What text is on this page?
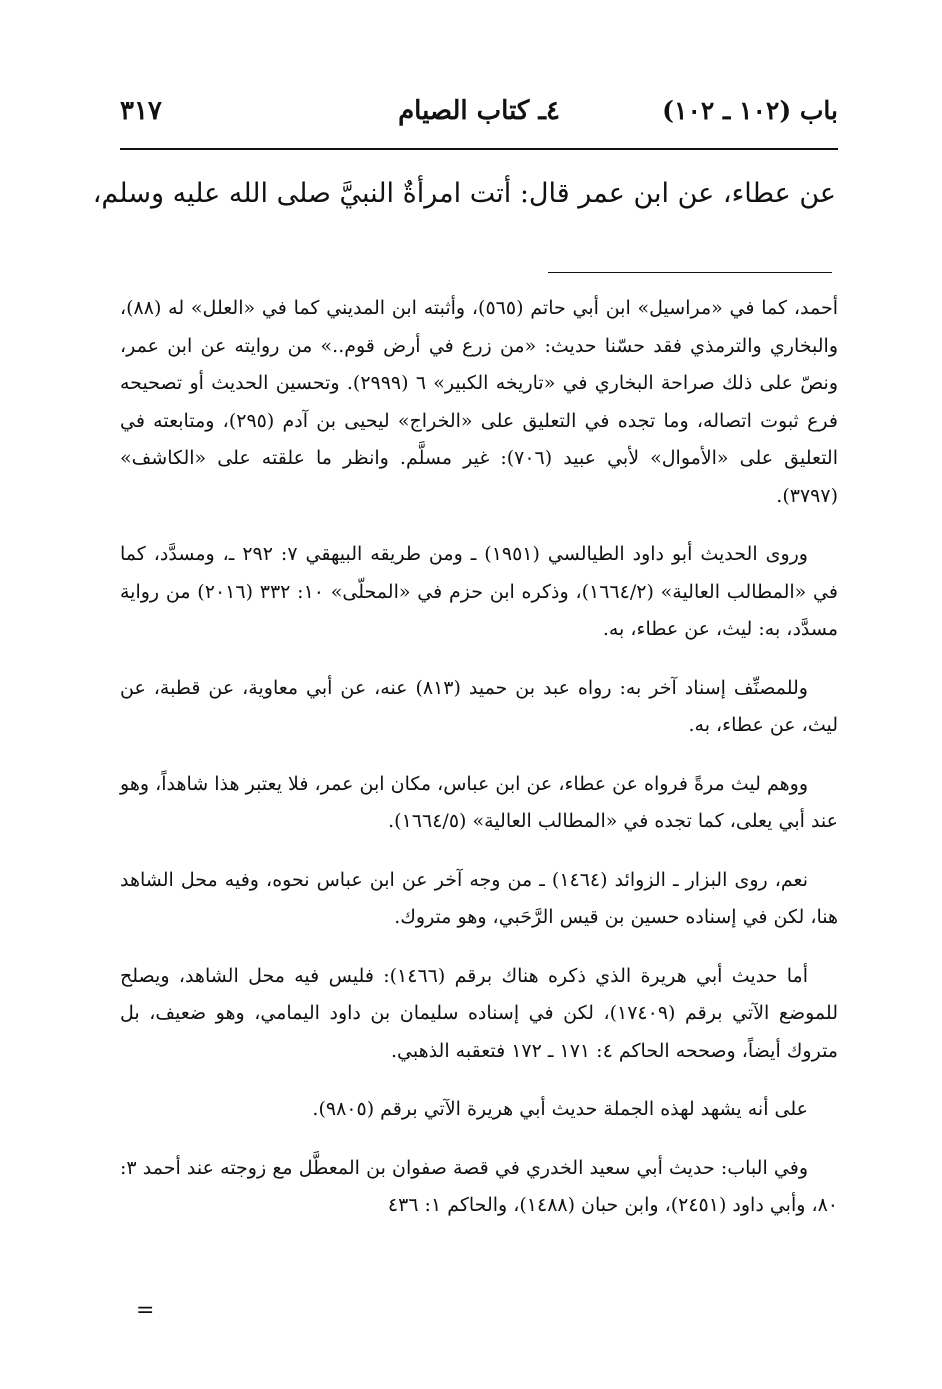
باب (١٠٢ ـ ١٠٢)
٤ـ كتاب الصيام
٣١٧
عن عطاء، عن ابن عمر قال: أتت امرأةٌ النبيَّ صلى الله عليه وسلم،

أحمد، كما في «مراسيل» ابن أبي حاتم (٥٦٥)، وأثبته ابن المديني كما في «العلل» له (٨٨)، والبخاري والترمذي فقد حسّنا حديث: «من زرع في أرض قوم..» من روايته عن ابن عمر، ونصّ على ذلك صراحة البخاري في «تاريخه الكبير» ٦ (٢٩٩٩). وتحسين الحديث أو تصحيحه فرع ثبوت اتصاله، وما تجده في التعليق على «الخراج» ليحيى بن آدم (٢٩٥)، ومتابعته في التعليق على «الأموال» لأبي عبيد (٧٠٦): غير مسلَّم. وانظر ما علقته على «الكاشف» (٣٧٩٧).

وروى الحديث أبو داود الطيالسي (١٩٥١) ـ ومن طريقه البيهقي ٧: ٢٩٢ ـ، ومسدَّد، كما في «المطالب العالية» (١٦٦٤/٢)، وذكره ابن حزم في «المحلّى» ١٠: ٣٣٢ (٢٠١٦) من رواية مسدَّد، به: ليث، عن عطاء، به.

وللمصنِّف إسناد آخر به: رواه عبد بن حميد (٨١٣) عنه، عن أبي معاوية، عن قطبة، عن ليث، عن عطاء، به.

ووهم ليث مرةً فرواه عن عطاء، عن ابن عباس، مكان ابن عمر، فلا يعتبر هذا شاهداً، وهو عند أبي يعلى، كما تجده في «المطالب العالية» (١٦٦٤/٥).

نعم، روى البزار ـ الزوائد (١٤٦٤) ـ من وجه آخر عن ابن عباس نحوه، وفيه محل الشاهد هنا، لكن في إسناده حسين بن قيس الرَّحَبي، وهو متروك.

أما حديث أبي هريرة الذي ذكره هناك برقم (١٤٦٦): فليس فيه محل الشاهد، ويصلح للموضع الآتي برقم (١٧٤٠٩)، لكن في إسناده سليمان بن داود اليمامي، وهو ضعيف، بل متروك أيضاً، وصححه الحاكم ٤: ١٧١ ـ ١٧٢ فتعقبه الذهبي.

على أنه يشهد لهذه الجملة حديث أبي هريرة الآتي برقم (٩٨٠٥).

وفي الباب: حديث أبي سعيد الخدري في قصة صفوان بن المعطَّل مع زوجته عند أحمد ٣: ٨٠، وأبي داود (٢٤٥١)، وابن حبان (١٤٨٨)، والحاكم ١: ٤٣٦

=
